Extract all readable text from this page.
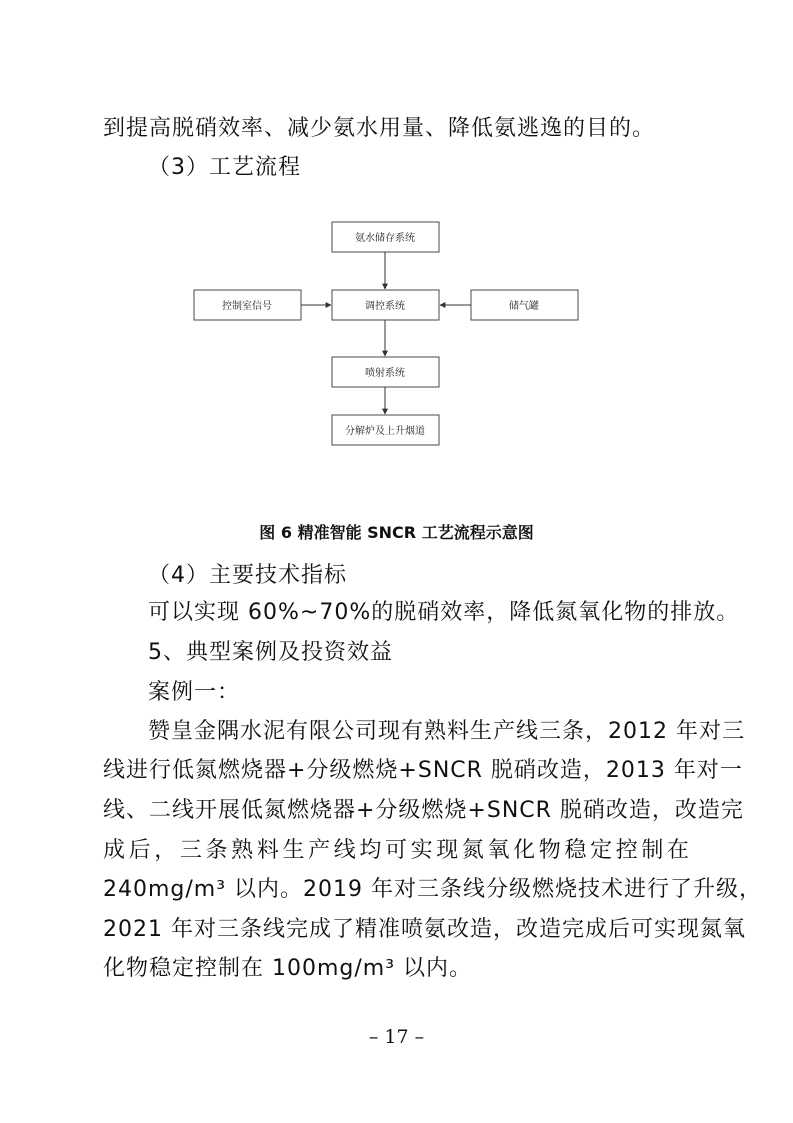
到提高脱硝效率、减少氨水用量、降低氨逃逸的目的。
（3）工艺流程
氨水储存系统
控制室信号	调控系统	储气罐
喷射系统
分解炉及上升烟道
图 6 精准智能 SNCR 工艺流程示意图
（4）主要技术指标
可以实现 60%~70%的脱硝效率，降低氮氧化物的排放。
5、典型案例及投资效益
案例一：
赞皇金隅水泥有限公司现有熟料生产线三条，2012 年对三
线进行低氮燃烧器+分级燃烧+SNCR 脱硝改造，2013 年对一
线、二线开展低氮燃烧器+分级燃烧+SNCR 脱硝改造，改造完
成后，三条熟料生产线均可实现氮氧化物稳定控制在
240mg/m³ 以内。2019 年对三条线分级燃烧技术进行了升级，
2021 年对三条线完成了精准喷氨改造，改造完成后可实现氮氧
化物稳定控制在 100mg/m³ 以内。
– 17 –
